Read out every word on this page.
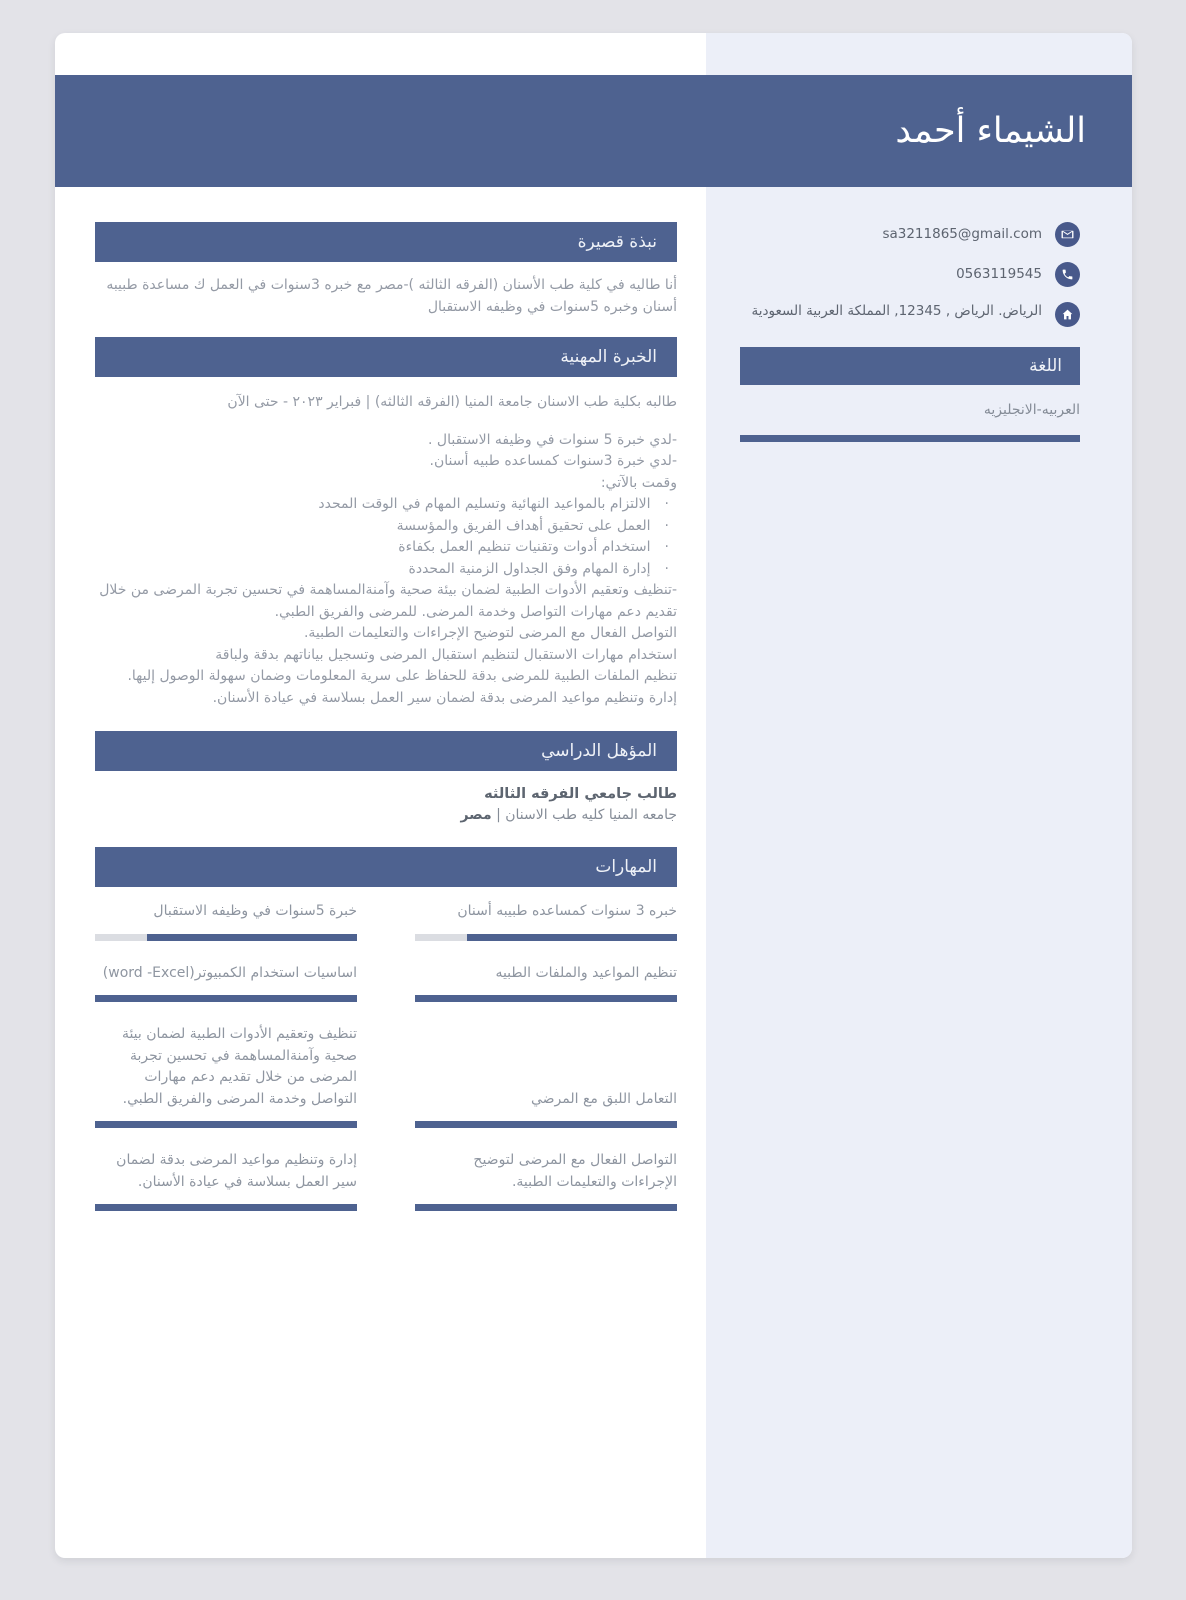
الشيماء أحمد
نبذة قصيرة
أنا طاليه في كلية طب الأسنان (الفرقه الثالثه )-مصر مع خبره 3سنوات في العمل ك مساعدة طبيبه أسنان وخبره 5سنوات في وظيفه الاستقبال
الخبرة المهنية
طالبه بكلية طب الاسنان جامعة المنيا (الفرقه الثالثه) | فبراير ٢٠٢٣ - حتى الآن
-لدي خبرة 5 سنوات في وظيفه الاستقبال .
-لدي خبرة 3سنوات كمساعده طبيه أسنان.
وقمت بالآتي:
·
الالتزام بالمواعيد النهائية وتسليم المهام في الوقت المحدد
·
العمل على تحقيق أهداف الفريق والمؤسسة
·
استخدام أدوات وتقنيات تنظيم العمل بكفاءة
·
إدارة المهام وفق الجداول الزمنية المحددة
-تنظيف وتعقيم الأدوات الطبية لضمان بيئة صحية وآمنةالمساهمة في تحسين تجربة المرضى من خلال تقديم دعم مهارات التواصل وخدمة المرضى. للمرضى والفريق الطبي.
التواصل الفعال مع المرضى لتوضيح الإجراءات والتعليمات الطبية.
استخدام مهارات الاستقبال لتنظيم استقبال المرضى وتسجيل بياناتهم بدقة ولباقة
تنظيم الملفات الطبية للمرضى بدقة للحفاظ على سرية المعلومات وضمان سهولة الوصول إليها.
إدارة وتنظيم مواعيد المرضى بدقة لضمان سير العمل بسلاسة في عيادة الأسنان.
المؤهل الدراسي
طالب جامعي الفرقه الثالثه
جامعه المنيا كليه طب الاسنان | مصر
المهارات
خبره 3 سنوات كمساعده طبيبه أسنان
خبرة 5سنوات في وظيفه الاستقبال
تنظيم المواعيد والملفات الطبيه
اساسيات استخدام الكمبيوتر(word -Excel)
التعامل اللبق مع المرضي
تنظيف وتعقيم الأدوات الطبية لضمان بيئة صحية وآمنةالمساهمة في تحسين تجربة المرضى من خلال تقديم دعم مهارات التواصل وخدمة المرضى والفريق الطبي.
التواصل الفعال مع المرضى لتوضيح الإجراءات والتعليمات الطبية.
إدارة وتنظيم مواعيد المرضى بدقة لضمان سير العمل بسلاسة في عيادة الأسنان.
sa3211865@gmail.com
0563119545
الرياض. الرياض , 12345, المملكة العربية السعودية
اللغة
العربيه-الانجليزيه
